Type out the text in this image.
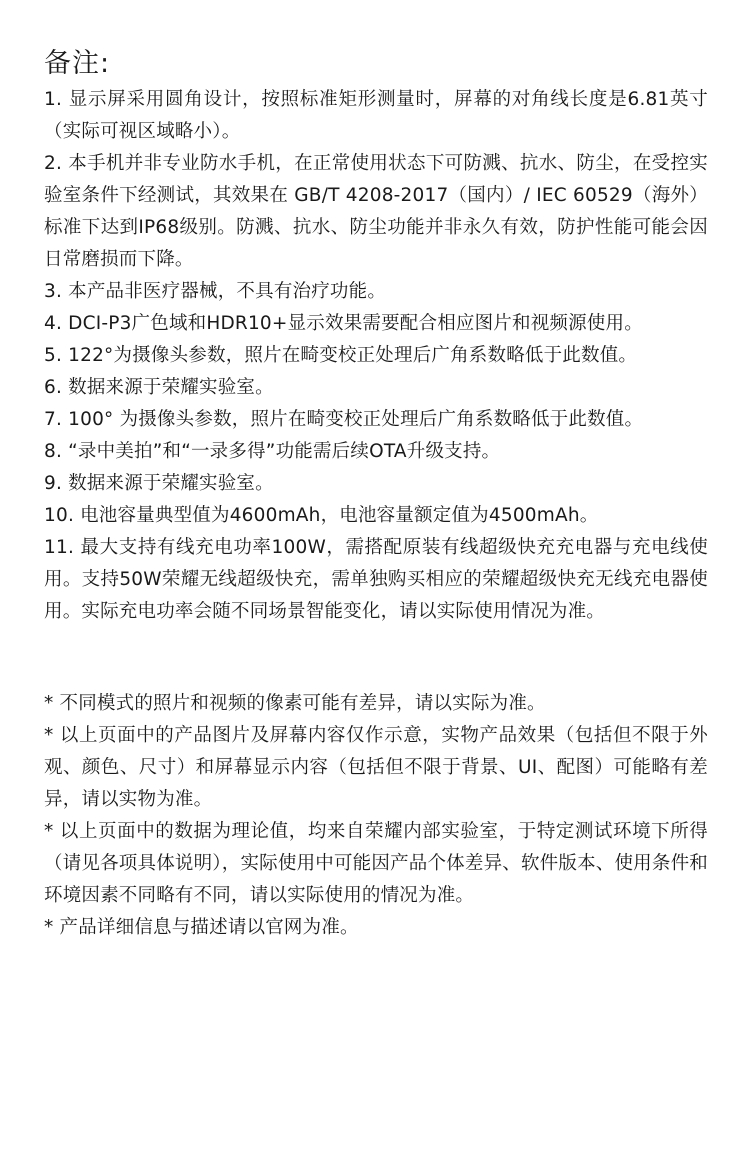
备注:
1. 显示屏采用圆角设计，按照标准矩形测量时，屏幕的对角线长度是6.81英寸（实际可视区域略小）。
2. 本手机并非专业防水手机，在正常使用状态下可防溅、抗水、防尘，在受控实验室条件下经测试，其效果在 GB/T 4208-2017（国内）/ IEC 60529（海外）标准下达到IP68级别。防溅、抗水、防尘功能并非永久有效，防护性能可能会因日常磨损而下降。
3. 本产品非医疗器械，不具有治疗功能。
4. DCI-P3广色域和HDR10+显示效果需要配合相应图片和视频源使用。
5. 122°为摄像头参数，照片在畸变校正处理后广角系数略低于此数值。
6. 数据来源于荣耀实验室。
7. 100° 为摄像头参数，照片在畸变校正处理后广角系数略低于此数值。
8. “录中美拍”和“一录多得”功能需后续OTA升级支持。
9. 数据来源于荣耀实验室。
10. 电池容量典型值为4600mAh，电池容量额定值为4500mAh。
11. 最大支持有线充电功率100W，需搭配原装有线超级快充充电器与充电线使用。支持50W荣耀无线超级快充，需单独购买相应的荣耀超级快充无线充电器使用。实际充电功率会随不同场景智能变化，请以实际使用情况为准。
* 不同模式的照片和视频的像素可能有差异，请以实际为准。
* 以上页面中的产品图片及屏幕内容仅作示意，实物产品效果（包括但不限于外观、颜色、尺寸）和屏幕显示内容（包括但不限于背景、UI、配图）可能略有差异，请以实物为准。
* 以上页面中的数据为理论值，均来自荣耀内部实验室，于特定测试环境下所得（请见各项具体说明），实际使用中可能因产品个体差异、软件版本、使用条件和环境因素不同略有不同，请以实际使用的情况为准。
* 产品详细信息与描述请以官网为准。
